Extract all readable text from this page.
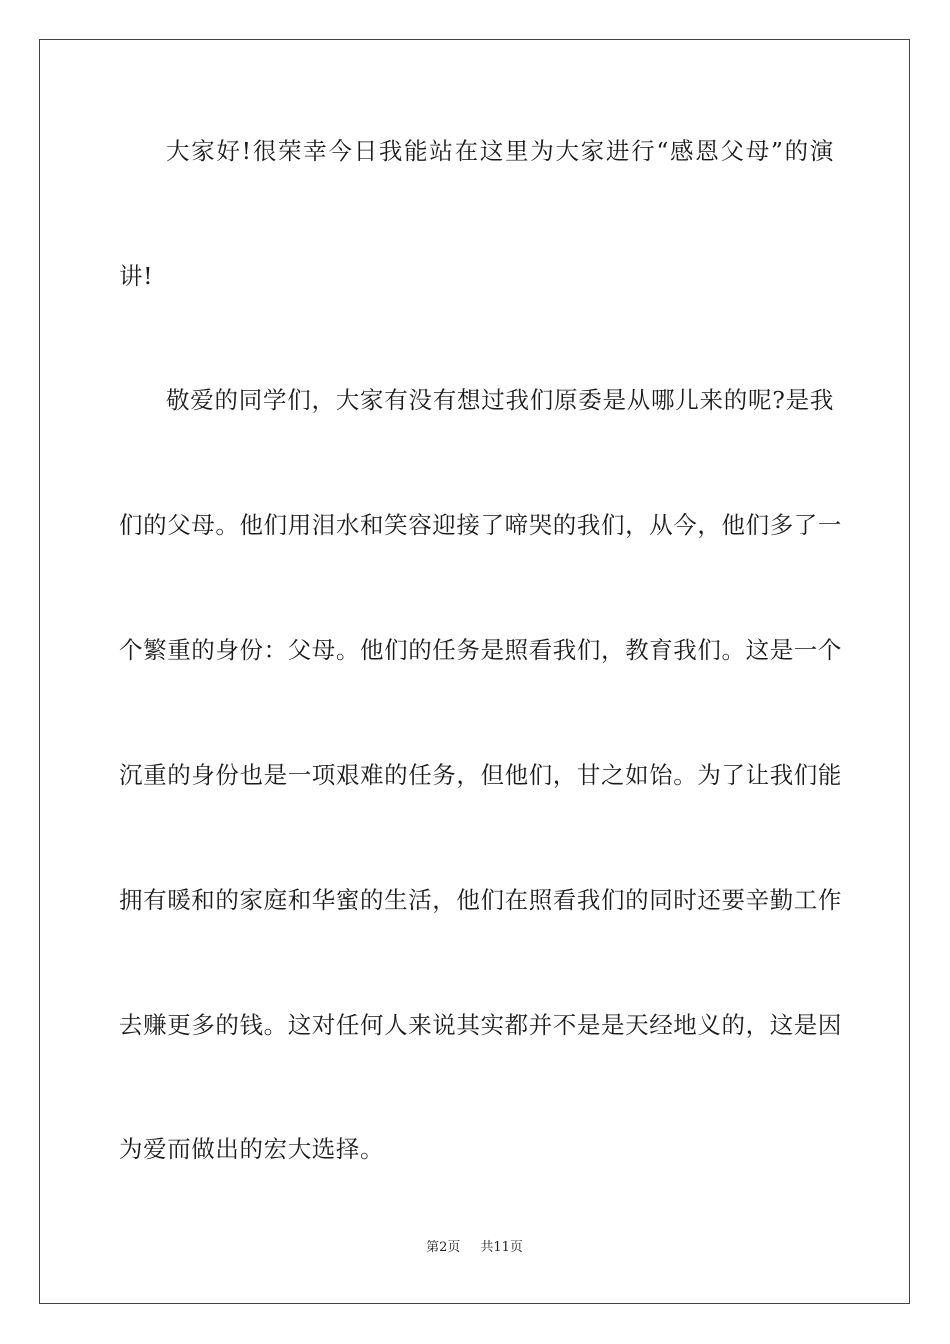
大家好!很荣幸今日我能站在这里为大家进行“感恩父母”的演
讲!
敬爱的同学们，大家有没有想过我们原委是从哪儿来的呢?是我
们的父母。他们用泪水和笑容迎接了啼哭的我们，从今，他们多了一
个繁重的身份：父母。他们的任务是照看我们，教育我们。这是一个
沉重的身份也是一项艰难的任务，但他们，甘之如饴。为了让我们能
拥有暖和的家庭和华蜜的生活，他们在照看我们的同时还要辛勤工作
去赚更多的钱。这对任何人来说其实都并不是是天经地义的，这是因
为爱而做出的宏大选择。
第2页 共11页
